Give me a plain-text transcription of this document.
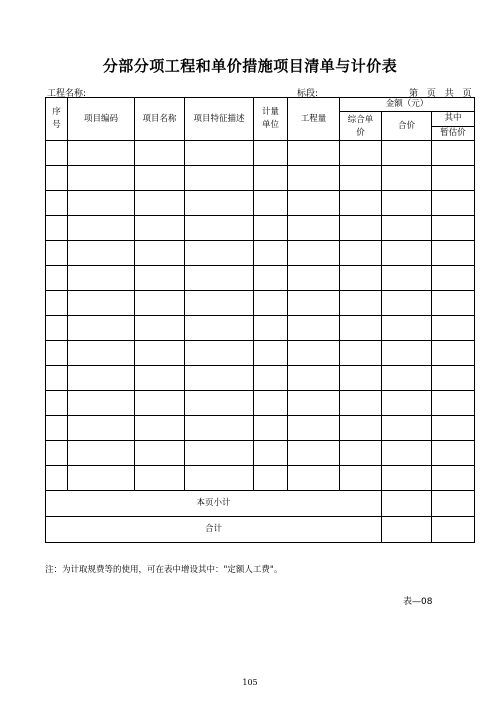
分部分项工程和单价措施项目清单与计价表
工程名称:	标段:	第 页 共 页
序号	项目编码	项目名称	项目特征描述	计量单位	工程量	金额（元）		
						综合单价	合价	其中
								暂估价

本页小计								
合计								
注：为计取规费等的使用，可在表中增设其中："定额人工费"。
表—08
105
